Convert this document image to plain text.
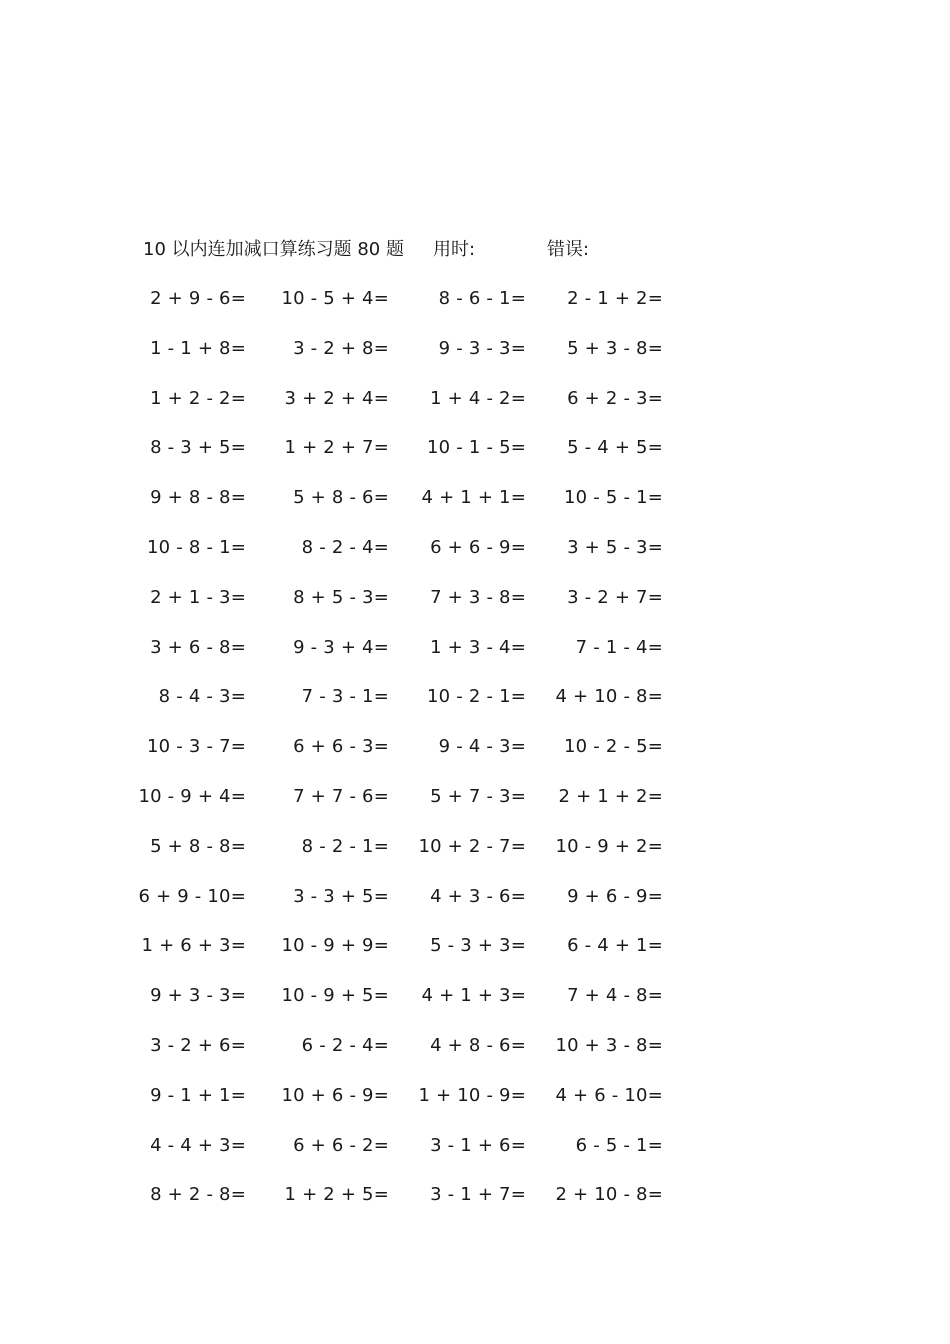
10 以内连加减口算练习题 80 题 用时:	错误:
2 + 9 - 6= 10 - 5 + 4=	8 - 6 - 1= 2 - 1 + 2=
1 - 1 + 8=	3 - 2 + 8=	9 - 3 - 3= 5 + 3 - 8=
1 + 2 - 2= 3 + 2 + 4= 1 + 4 - 2= 6 + 2 - 3=
8 - 3 + 5= 1 + 2 + 7= 10 - 1 - 5= 5 - 4 + 5=
9 + 8 - 8=	5 + 8 - 6= 4 + 1 + 1= 10 - 5 - 1=
10 - 8 - 1=	8 - 2 - 4= 6 + 6 - 9= 3 + 5 - 3=
2 + 1 - 3=	8 + 5 - 3= 7 + 3 - 8= 3 - 2 + 7=
3 + 6 - 8=	9 - 3 + 4= 1 + 3 - 4=	7 - 1 - 4=
8 - 4 - 3=	7 - 3 - 1= 10 - 2 - 1= 4 + 10 - 8=
10 - 3 - 7=	6 + 6 - 3=	9 - 4 - 3= 10 - 2 - 5=
10 - 9 + 4=	7 + 7 - 6= 5 + 7 - 3= 2 + 1 + 2=
5 + 8 - 8=	8 - 2 - 1= 10 + 2 - 7= 10 - 9 + 2=
6 + 9 - 10=	3 - 3 + 5= 4 + 3 - 6= 9 + 6 - 9=
1 + 6 + 3= 10 - 9 + 9= 5 - 3 + 3= 6 - 4 + 1=
9 + 3 - 3= 10 - 9 + 5= 4 + 1 + 3= 7 + 4 - 8=
3 - 2 + 6=	6 - 2 - 4= 4 + 8 - 6= 10 + 3 - 8=
9 - 1 + 1= 10 + 6 - 9= 1 + 10 - 9= 4 + 6 - 10=
4 - 4 + 3=	6 + 6 - 2= 3 - 1 + 6=	6 - 5 - 1=
8 + 2 - 8= 1 + 2 + 5= 3 - 1 + 7= 2 + 10 - 8=
